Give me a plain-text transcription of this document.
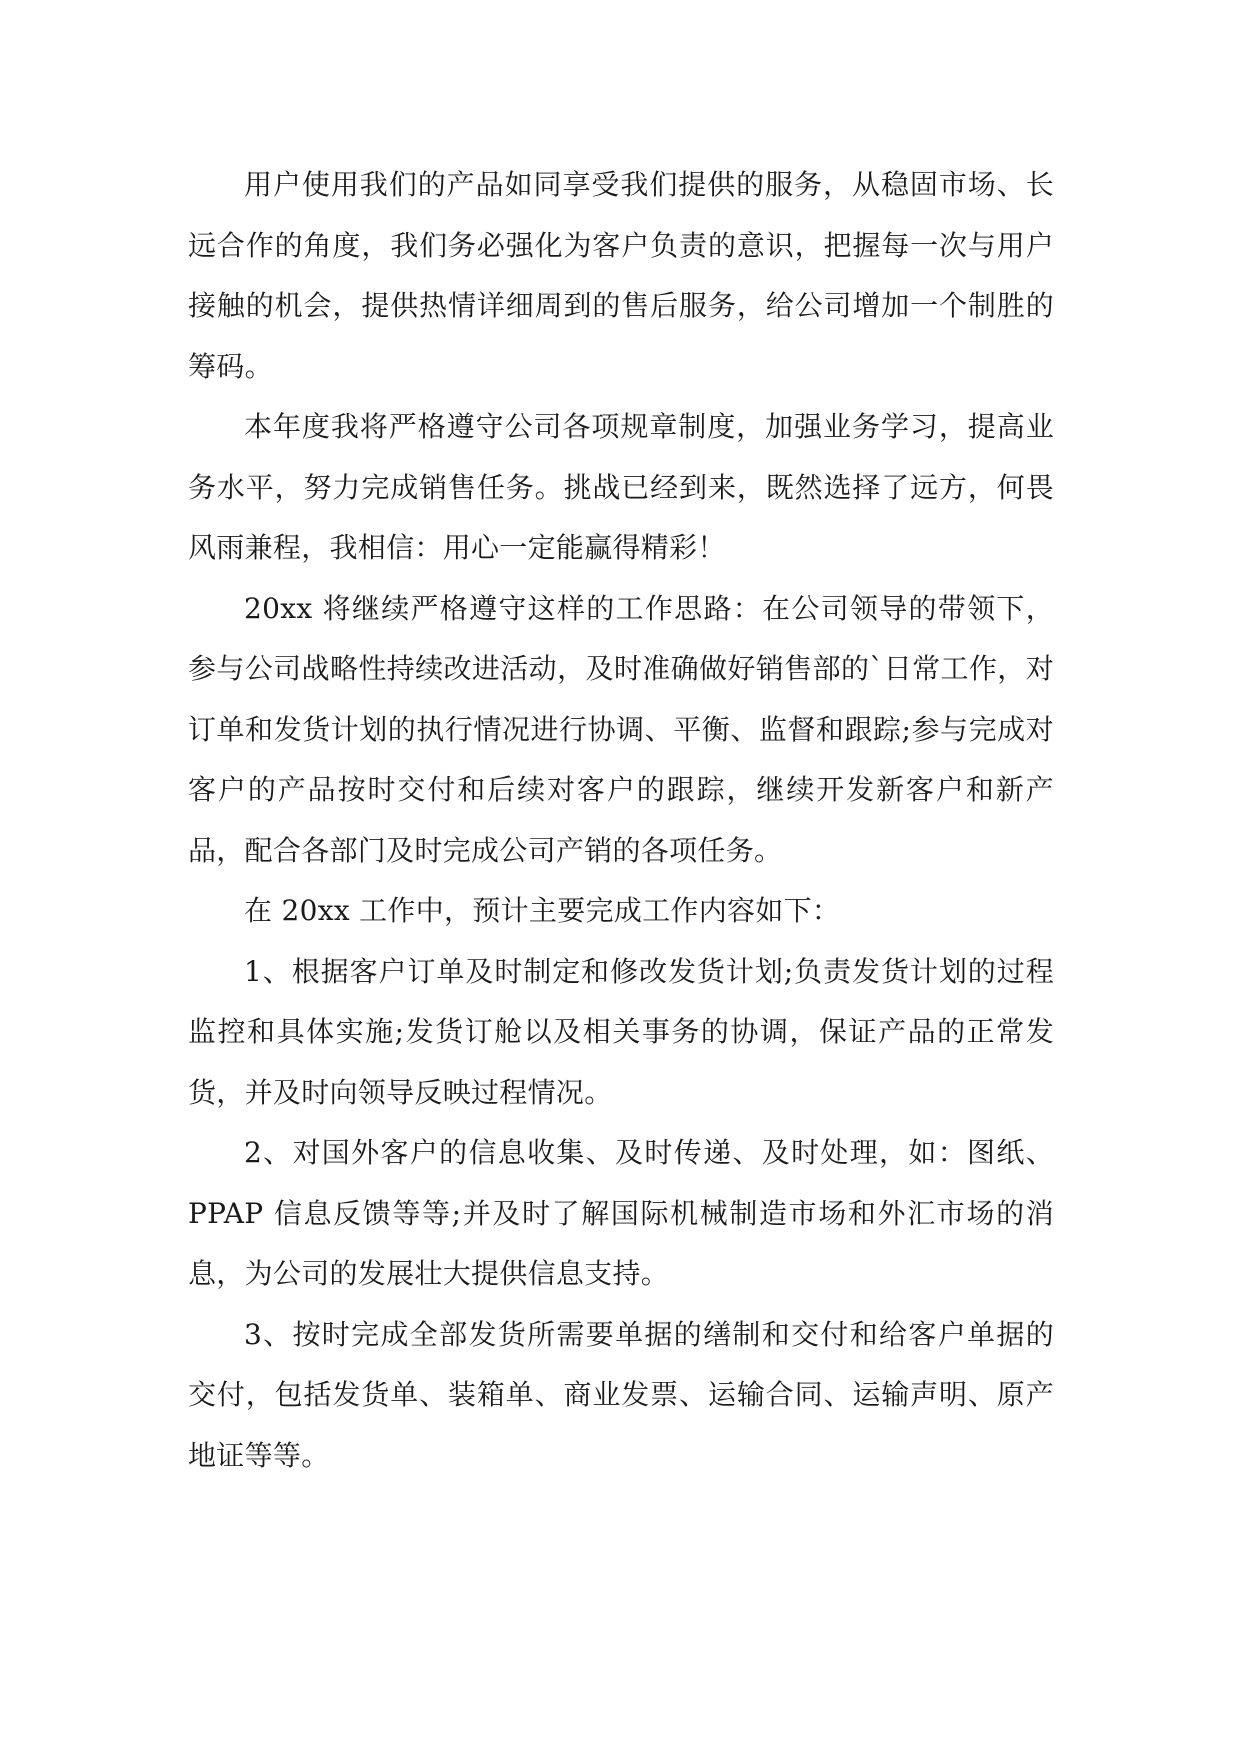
用户使用我们的产品如同享受我们提供的服务，从稳固市场、长远合作的角度，我们务必强化为客户负责的意识，把握每一次与用户接触的机会，提供热情详细周到的售后服务，给公司增加一个制胜的筹码。

本年度我将严格遵守公司各项规章制度，加强业务学习，提高业务水平，努力完成销售任务。挑战已经到来，既然选择了远方，何畏风雨兼程，我相信：用心一定能赢得精彩！

20xx 将继续严格遵守这样的工作思路：在公司领导的带领下，参与公司战略性持续改进活动，及时准确做好销售部的`日常工作，对订单和发货计划的执行情况进行协调、平衡、监督和跟踪;参与完成对客户的产品按时交付和后续对客户的跟踪，继续开发新客户和新产品，配合各部门及时完成公司产销的各项任务。

在 20xx 工作中，预计主要完成工作内容如下：

1、根据客户订单及时制定和修改发货计划;负责发货计划的过程监控和具体实施;发货订舱以及相关事务的协调，保证产品的正常发货，并及时向领导反映过程情况。

2、对国外客户的信息收集、及时传递、及时处理，如：图纸、PPAP 信息反馈等等;并及时了解国际机械制造市场和外汇市场的消息，为公司的发展壮大提供信息支持。

3、按时完成全部发货所需要单据的缮制和交付和给客户单据的交付，包括发货单、装箱单、商业发票、运输合同、运输声明、原产地证等等。
